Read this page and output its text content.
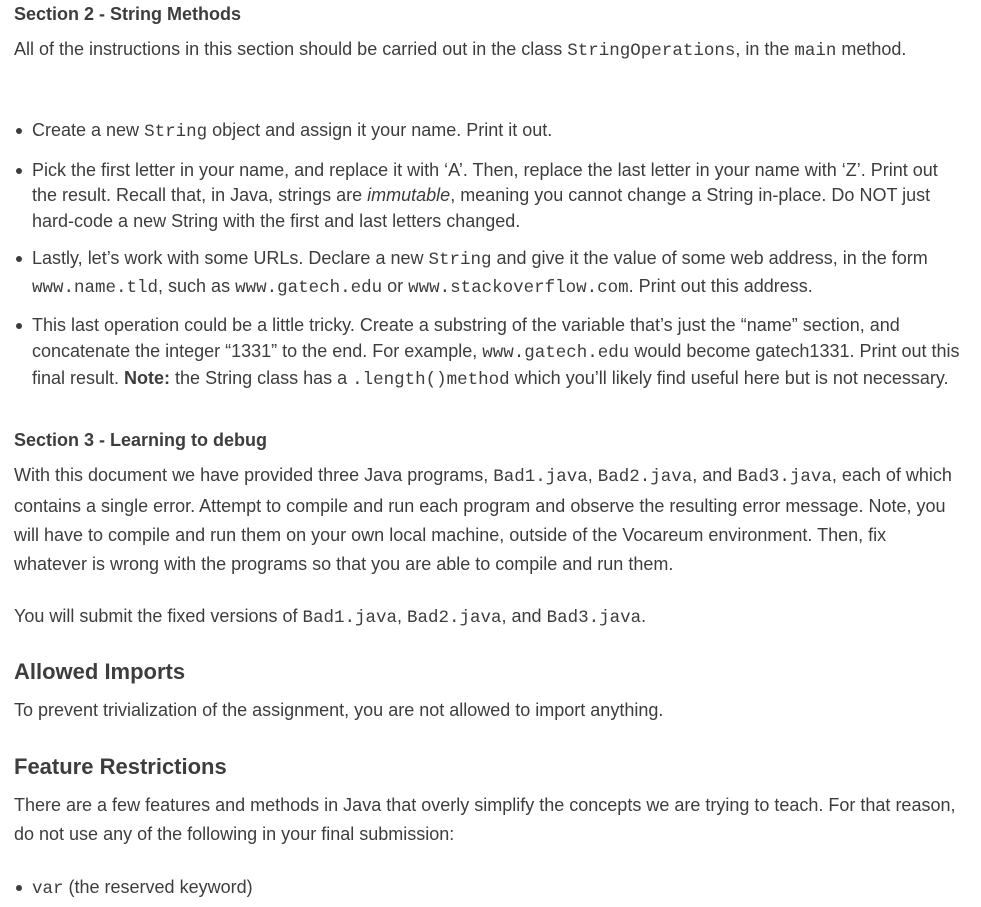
Section 2 - String Methods

All of the instructions in this section should be carried out in the class StringOperations, in the main method.

Create a new String object and assign it your name. Print it out.
Pick the first letter in your name, and replace it with ‘A’. Then, replace the last letter in your name with ‘Z’. Print out the result. Recall that, in Java, strings are immutable, meaning you cannot change a String in-place. Do NOT just hard-code a new String with the first and last letters changed.
Lastly, let’s work with some URLs. Declare a new String and give it the value of some web address, in the form www.name.tld, such as www.gatech.edu or www.stackoverflow.com. Print out this address.
This last operation could be a little tricky. Create a substring of the variable that’s just the “name” section, and concatenate the integer “1331” to the end. For example, www.gatech.edu would become gatech1331. Print out this final result. Note: the String class has a .length()method which you’ll likely find useful here but is not necessary.
Section 3 - Learning to debug

With this document we have provided three Java programs, Bad1.java, Bad2.java, and Bad3.java, each of which contains a single error. Attempt to compile and run each program and observe the resulting error message. Note, you will have to compile and run them on your own local machine, outside of the Vocareum environment. Then, fix whatever is wrong with the programs so that you are able to compile and run them.

You will submit the fixed versions of Bad1.java, Bad2.java, and Bad3.java.

Allowed Imports

To prevent trivialization of the assignment, you are not allowed to import anything.

Feature Restrictions

There are a few features and methods in Java that overly simplify the concepts we are trying to teach. For that reason, do not use any of the following in your final submission:

var (the reserved keyword)
